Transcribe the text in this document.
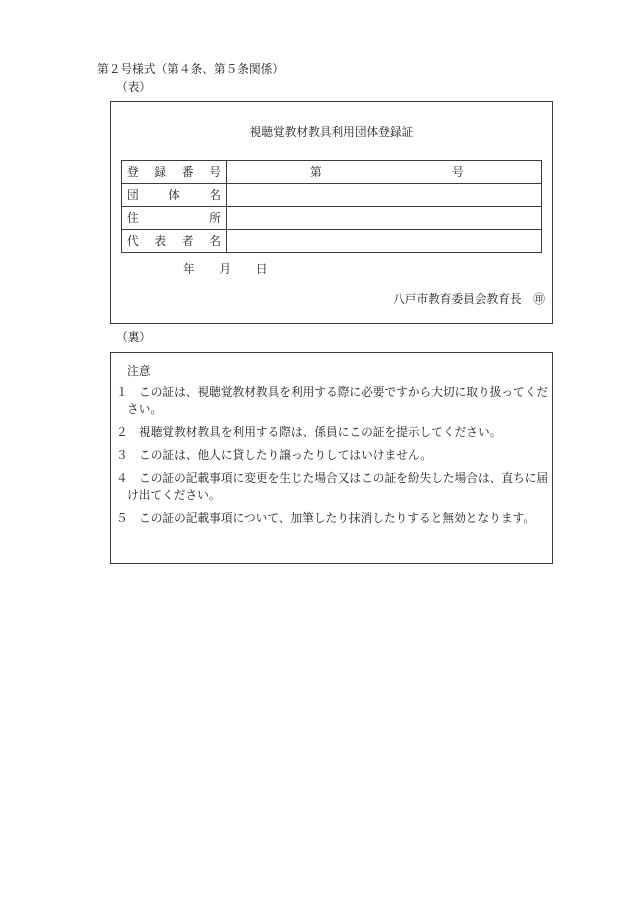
第２号様式（第４条、第５条関係）
（表）
視聴覚教材教具利用団体登録証
登 録 番 号	第 号

団 体 名	

住 所	

代 表 者 名	

年　　月　　日
八戸市教育委員会教育長 ㊞
（裏）
注意
１ この証は、視聴覚教材教具を利用する際に必要ですから大切に取り扱ってくだ
さい。
２ 視聴覚教材教具を利用する際は、係員にこの証を提示してください。
３ この証は、他人に貸したり譲ったりしてはいけません。
４ この証の記載事項に変更を生じた場合又はこの証を紛失した場合は、直ちに届
け出てください。
５ この証の記載事項について、加筆したり抹消したりすると無効となります。
